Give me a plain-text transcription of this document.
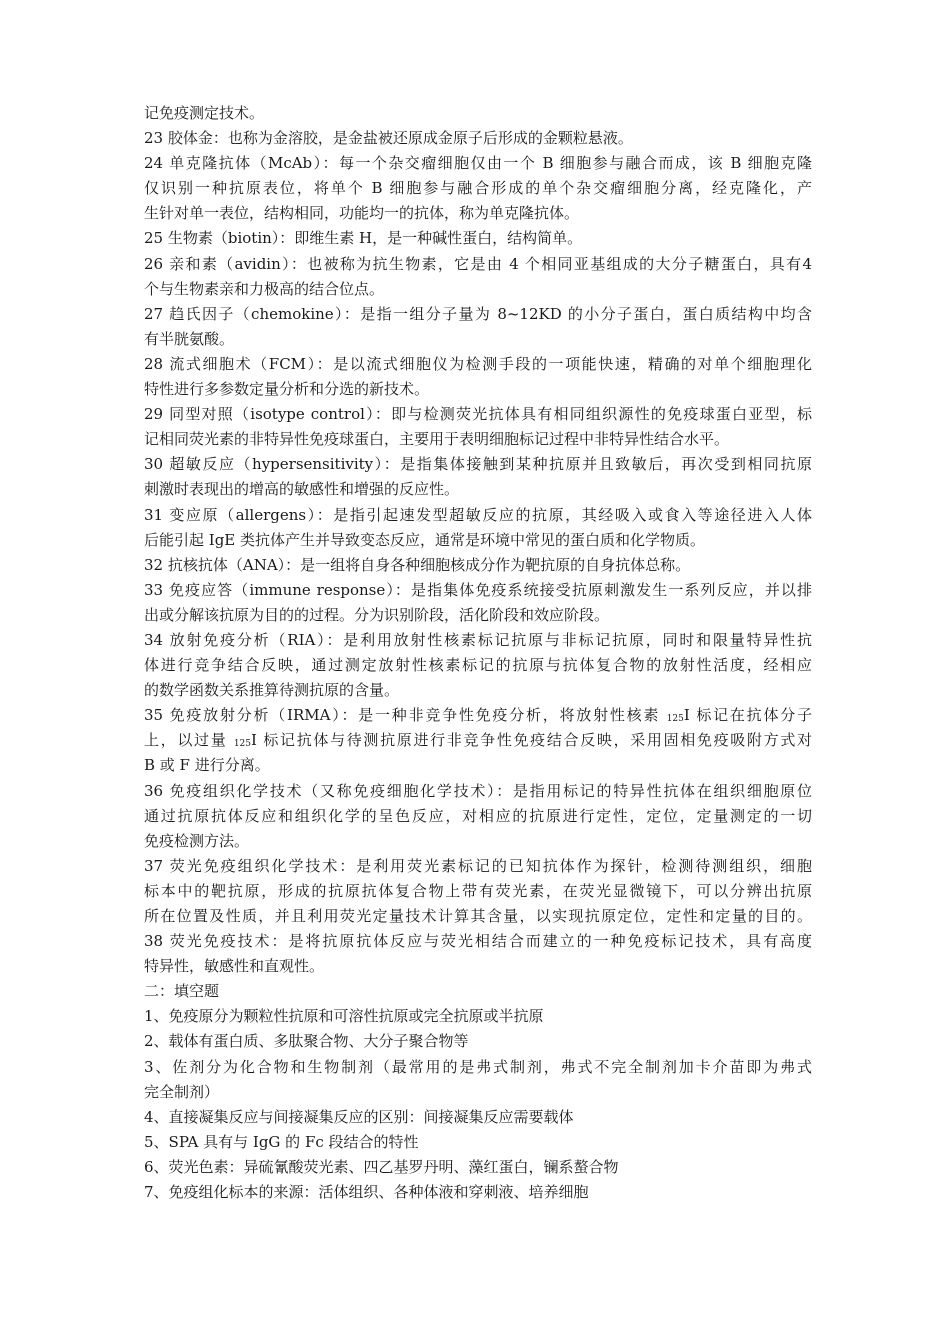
记免疫测定技术。
23 胶体金：也称为金溶胶，是金盐被还原成金原子后形成的金颗粒悬液。
24 单克隆抗体（McAb）：每一个杂交瘤细胞仅由一个 B 细胞参与融合而成，该 B 细胞克隆
仅识别一种抗原表位，将单个 B 细胞参与融合形成的单个杂交瘤细胞分离，经克隆化，产
生针对单一表位，结构相同，功能均一的抗体，称为单克隆抗体。
25 生物素（biotin）：即维生素 H，是一种碱性蛋白，结构简单。
26 亲和素（avidin）：也被称为抗生物素，它是由 4 个相同亚基组成的大分子糖蛋白，具有4
个与生物素亲和力极高的结合位点。
27 趋氏因子（chemokine）：是指一组分子量为 8~12KD 的小分子蛋白，蛋白质结构中均含
有半胱氨酸。
28 流式细胞术（FCM）：是以流式细胞仪为检测手段的一项能快速，精确的对单个细胞理化
特性进行多参数定量分析和分选的新技术。
29 同型对照（isotype control）：即与检测荧光抗体具有相同组织源性的免疫球蛋白亚型，标
记相同荧光素的非特异性免疫球蛋白，主要用于表明细胞标记过程中非特异性结合水平。
30 超敏反应（hypersensitivity）：是指集体接触到某种抗原并且致敏后，再次受到相同抗原
刺激时表现出的增高的敏感性和增强的反应性。
31 变应原（allergens）：是指引起速发型超敏反应的抗原，其经吸入或食入等途径进入人体
后能引起 IgE 类抗体产生并导致变态反应，通常是环境中常见的蛋白质和化学物质。
32 抗核抗体（ANA）：是一组将自身各种细胞核成分作为靶抗原的自身抗体总称。
33 免疫应答（immune response）：是指集体免疫系统接受抗原刺激发生一系列反应，并以排
出或分解该抗原为目的的过程。分为识别阶段，活化阶段和效应阶段。
34 放射免疫分析（RIA）：是利用放射性核素标记抗原与非标记抗原，同时和限量特异性抗
体进行竞争结合反映，通过测定放射性核素标记的抗原与抗体复合物的放射性活度，经相应
的数学函数关系推算待测抗原的含量。
35 免疫放射分析（IRMA）：是一种非竞争性免疫分析，将放射性核素 $^{125}$I 标记在抗体分子
上，以过量 $^{125}$I 标记抗体与待测抗原进行非竞争性免疫结合反映，采用固相免疫吸附方式对
B 或 F 进行分离。
36 免疫组织化学技术（又称免疫细胞化学技术）：是指用标记的特异性抗体在组织细胞原位
通过抗原抗体反应和组织化学的呈色反应，对相应的抗原进行定性，定位，定量测定的一切
免疫检测方法。
37 荧光免疫组织化学技术：是利用荧光素标记的已知抗体作为探针，检测待测组织，细胞
标本中的靶抗原，形成的抗原抗体复合物上带有荧光素，在荧光显微镜下，可以分辨出抗原
所在位置及性质，并且利用荧光定量技术计算其含量，以实现抗原定位，定性和定量的目的。
38 荧光免疫技术：是将抗原抗体反应与荧光相结合而建立的一种免疫标记技术，具有高度
特异性，敏感性和直观性。
二：填空题
1、免疫原分为颗粒性抗原和可溶性抗原或完全抗原或半抗原
2、载体有蛋白质、多肽聚合物、大分子聚合物等
3、佐剂分为化合物和生物制剂（最常用的是弗式制剂，弗式不完全制剂加卡介苗即为弗式
完全制剂）
4、直接凝集反应与间接凝集反应的区别：间接凝集反应需要载体
5、SPA 具有与 IgG 的 Fc 段结合的特性
6、荧光色素：异硫氰酸荧光素、四乙基罗丹明、藻红蛋白，镧系螯合物
7、免疫组化标本的来源：活体组织、各种体液和穿刺液、培养细胞
